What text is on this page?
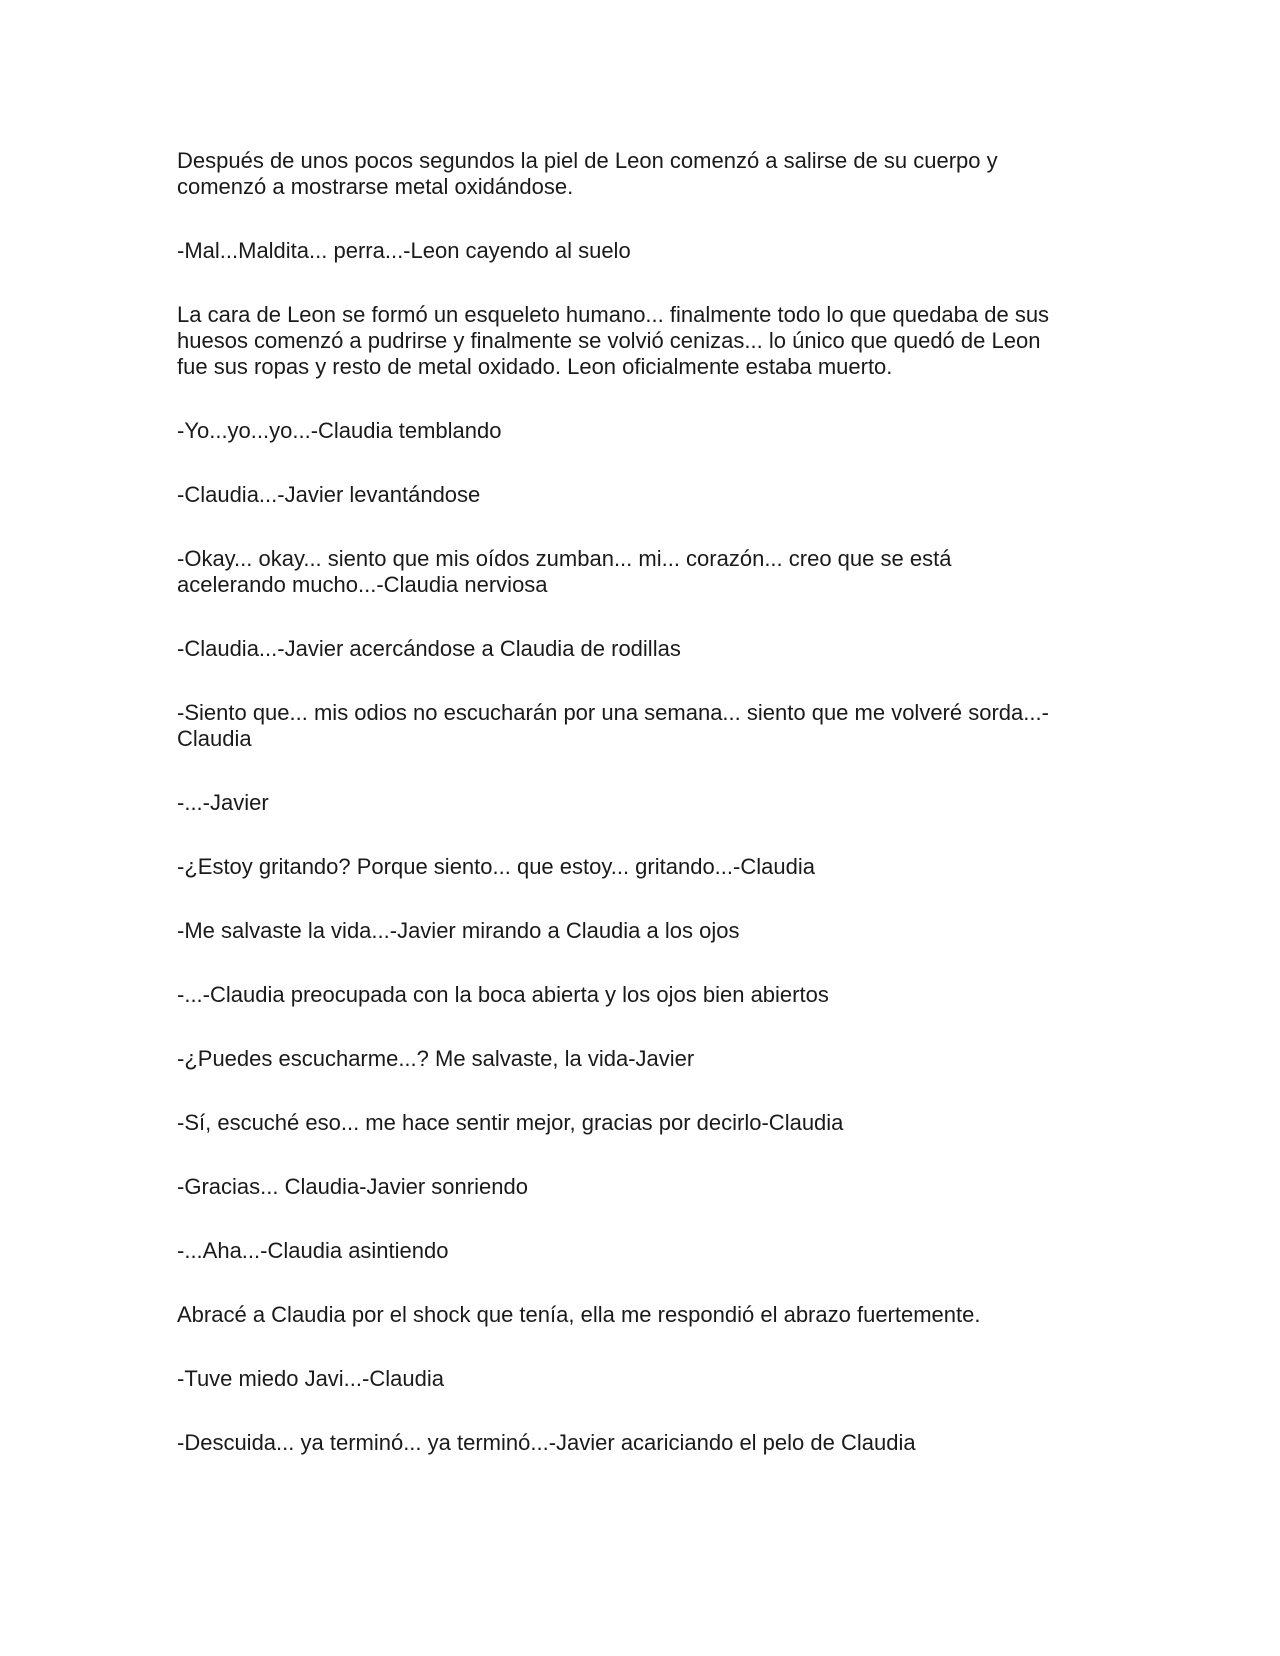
Después de unos pocos segundos la piel de Leon comenzó a salirse de su cuerpo y
comenzó a mostrarse metal oxidándose.

-Mal...Maldita... perra...-Leon cayendo al suelo

La cara de Leon se formó un esqueleto humano... finalmente todo lo que quedaba de sus
huesos comenzó a pudrirse y finalmente se volvió cenizas... lo único que quedó de Leon
fue sus ropas y resto de metal oxidado. Leon oficialmente estaba muerto.

-Yo...yo...yo...-Claudia temblando

-Claudia...-Javier levantándose

-Okay... okay... siento que mis oídos zumban... mi... corazón... creo que se está
acelerando mucho...-Claudia nerviosa

-Claudia...-Javier acercándose a Claudia de rodillas

-Siento que... mis odios no escucharán por una semana... siento que me volveré sorda...-
Claudia

-...-Javier

-¿Estoy gritando? Porque siento... que estoy... gritando...-Claudia

-Me salvaste la vida...-Javier mirando a Claudia a los ojos

-...-Claudia preocupada con la boca abierta y los ojos bien abiertos

-¿Puedes escucharme...? Me salvaste, la vida-Javier

-Sí, escuché eso... me hace sentir mejor, gracias por decirlo-Claudia

-Gracias... Claudia-Javier sonriendo

-...Aha...-Claudia asintiendo

Abracé a Claudia por el shock que tenía, ella me respondió el abrazo fuertemente.

-Tuve miedo Javi...-Claudia

-Descuida... ya terminó... ya terminó...-Javier acariciando el pelo de Claudia
